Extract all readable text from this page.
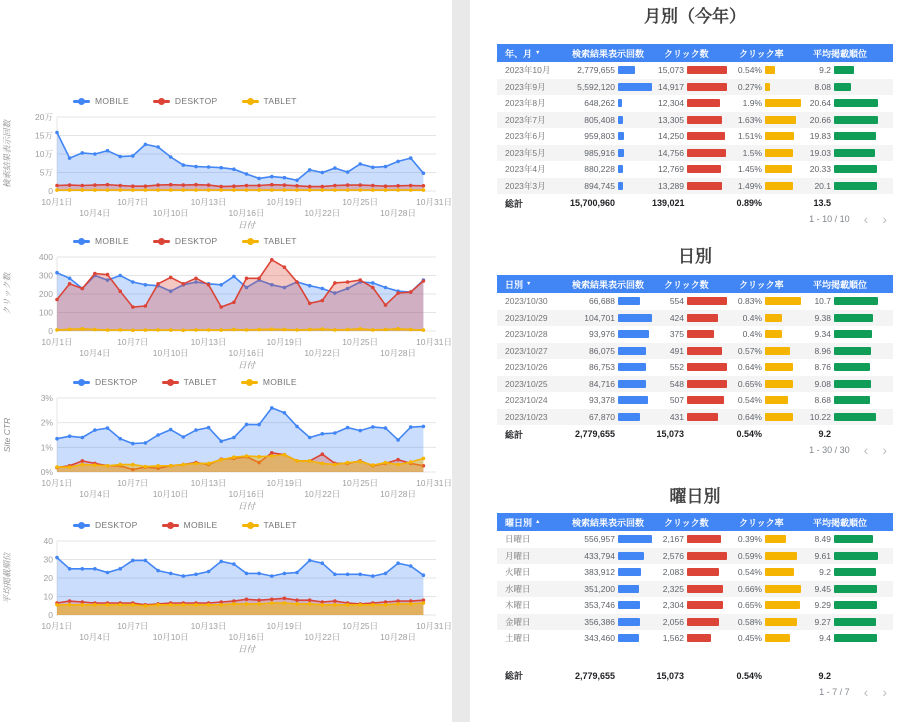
MOBILE	DESKTOP	TABLET
0
5万
10万
15万
20万
10月1日
10月4日
10月7日
10月10日
10月13日
10月16日
10月19日
10月22日
10月25日
10月28日
10月31日
日付
検索結果表示回数
MOBILE	DESKTOP	TABLET
0
100
200
300
400
10月1日
10月4日
10月7日
10月10日
10月13日
10月16日
10月19日
10月22日
10月25日
10月28日
10月31日
日付
クリック数
DESKTOP	TABLET	MOBILE
0%
1%
2%
3%
10月1日
10月4日
10月7日
10月10日
10月13日
10月16日
10月19日
10月22日
10月25日
10月28日
10月31日
日付
Site CTR
DESKTOP	MOBILE	TABLET
0
10
20
30
40
10月1日
10月4日
10月7日
10月10日
10月13日
10月16日
10月19日
10月22日
10月25日
10月28日
10月31日
日付
平均掲載順位
月別（今年）
年、月 ▼	検索結果表示回数 クリック数	クリック率	平均掲載順位
2023年10月	2,779,655	15,073	0.54%	9.2
2023年9月	5,592,120	14,917	0.27%	8.08
2023年8月	648,262	12,304	1.9%	20.64
2023年7月	805,408	13,305	1.63%	20.66
2023年6月	959,803	14,250	1.51%	19.83
2023年5月	985,916	14,756	1.5%	19.03
2023年4月	880,228	12,769	1.45%	20.33
2023年3月	894,745	13,289	1.49%	20.1
総計	15,700,960	139,021	0.89%	13.5
1 - 10 / 10 ‹ ›
日別
日別 ▼	検索結果表示回数 クリック数	クリック率	平均掲載順位
2023/10/30	66,688	554	0.83%	10.7
2023/10/29	104,701	424	0.4%	9.38
2023/10/28	93,976	375	0.4%	9.34
2023/10/27	86,075	491	0.57%	8.96
2023/10/26	86,753	552	0.64%	8.76
2023/10/25	84,716	548	0.65%	9.08
2023/10/24	93,378	507	0.54%	8.68
2023/10/23	67,870	431	0.64%	10.22
総計	2,779,655	15,073	0.54%	9.2
1 - 30 / 30 ‹ ›
曜日別
曜日別 ▲	検索結果表示回数 クリック数	クリック率	平均掲載順位
日曜日	556,957	2,167	0.39%	8.49
月曜日	433,794	2,576	0.59%	9.61
火曜日	383,912	2,083	0.54%	9.2
水曜日	351,200	2,325	0.66%	9.45
木曜日	353,746	2,304	0.65%	9.29
金曜日	356,386	2,056	0.58%	9.27
土曜日	343,460	1,562	0.45%	9.4
総計	2,779,655	15,073	0.54%	9.2
1 - 7 / 7 ‹ ›
